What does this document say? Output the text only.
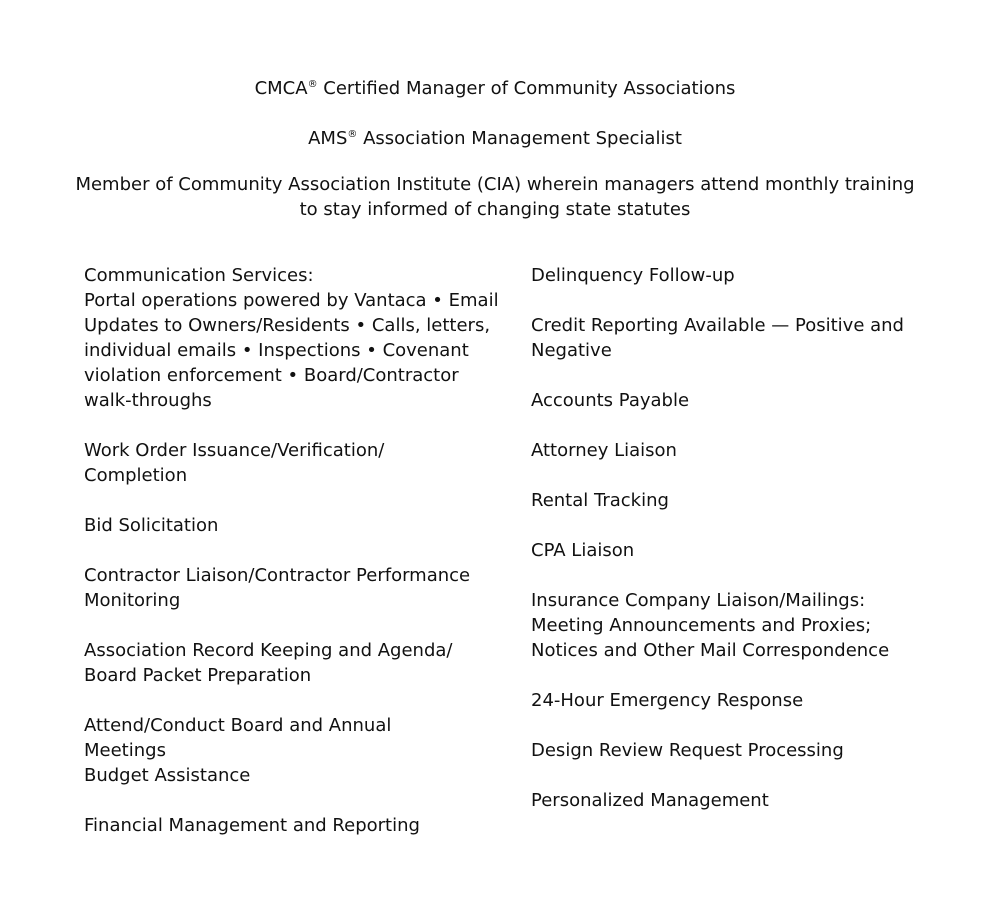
CMCA® Certified Manager of Community Associations

AMS® Association Management Specialist

Member of Community Association Institute (CIA) wherein managers attend monthly training
to stay informed of changing state statutes

Communication Services:
Portal operations powered by Vantaca • Email
Updates to Owners/Residents • Calls, letters,
individual emails • Inspections • Covenant
violation enforcement • Board/Contractor
walk-throughs

Work Order Issuance/Verification/
Completion

Bid Solicitation

Contractor Liaison/Contractor Performance
Monitoring

Association Record Keeping and Agenda/
Board Packet Preparation

Attend/Conduct Board and Annual
Meetings
Budget Assistance

Financial Management and Reporting

Delinquency Follow-up

Credit Reporting Available — Positive and
Negative

Accounts Payable

Attorney Liaison

Rental Tracking

CPA Liaison

Insurance Company Liaison/Mailings:
Meeting Announcements and Proxies;
Notices and Other Mail Correspondence

24-Hour Emergency Response

Design Review Request Processing

Personalized Management
